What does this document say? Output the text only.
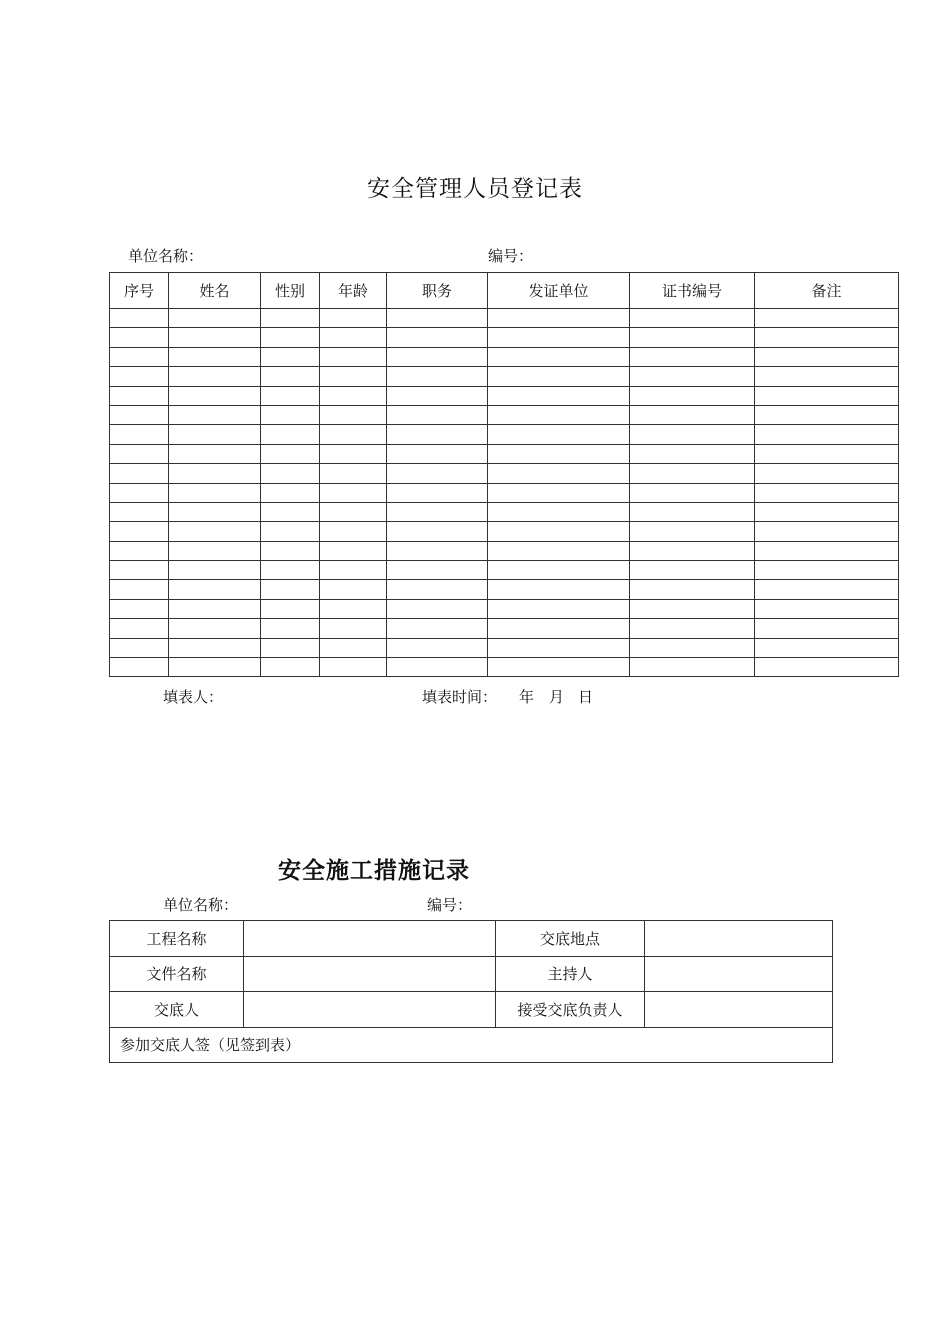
安全管理人员登记表
单位名称：	编号：
序号	姓名	性别	年龄	职务	发证单位	证书编号	备注

填表人：	填表时间： 年 月 日
安全施工措施记录
单位名称：	编号：
工程名称		交底地点	
文件名称		主持人	
交底人		接受交底负责人	
参加交底人签（见签到表）			
